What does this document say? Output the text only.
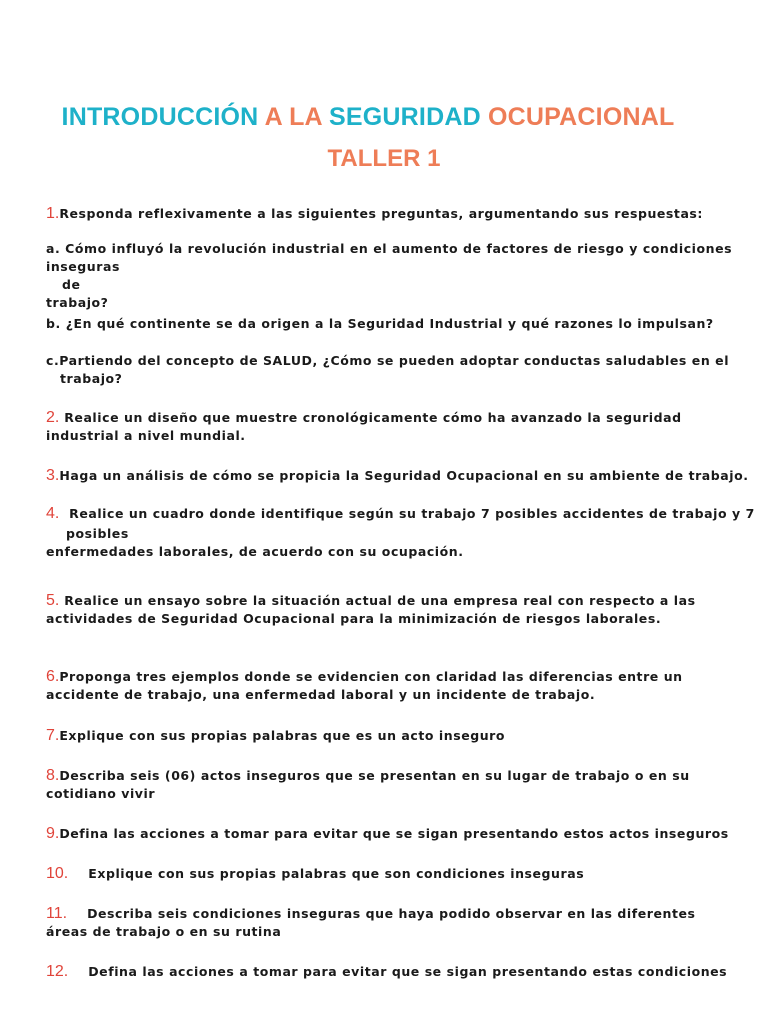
INTRODUCCIÓN A LA SEGURIDAD OCUPACIONAL
TALLER 1

1.Responda reflexivamente a las siguientes preguntas, argumentando sus respuestas:

a. Cómo influyó la revolución industrial en el aumento de factores de riesgo y condiciones inseguras
de
trabajo?

b. ¿En qué continente se da origen a la Seguridad Industrial y qué razones lo impulsan?

c.Partiendo del concepto de SALUD, ¿Cómo se pueden adoptar conductas saludables en el
trabajo?
2. Realice un diseño que muestre cronológicamente cómo ha avanzado la seguridad
industrial a nivel mundial.

3.Haga un análisis de cómo se propicia la Seguridad Ocupacional en su ambiente de trabajo.

4.  Realice un cuadro donde identifique según su trabajo 7 posibles accidentes de trabajo y 7
posibles
enfermedades laborales, de acuerdo con su ocupación.
5. Realice un ensayo sobre la situación actual de una empresa real con respecto a las
actividades de Seguridad Ocupacional para la minimización de riesgos laborales.
6.Proponga tres ejemplos donde se evidencien con claridad las diferencias entre un
accidente de trabajo, una enfermedad laboral y un incidente de trabajo.

7.Explique con sus propias palabras que es un acto inseguro

8.Describa seis (06) actos inseguros que se presentan en su lugar de trabajo o en su
cotidiano vivir

9.Defina las acciones a tomar para evitar que se sigan presentando estos actos inseguros

10. Explique con sus propias palabras que son condiciones inseguras

11. Describa seis condiciones inseguras que haya podido observar en las diferentes
áreas de trabajo o en su rutina

12. Defina las acciones a tomar para evitar que se sigan presentando estas condiciones
